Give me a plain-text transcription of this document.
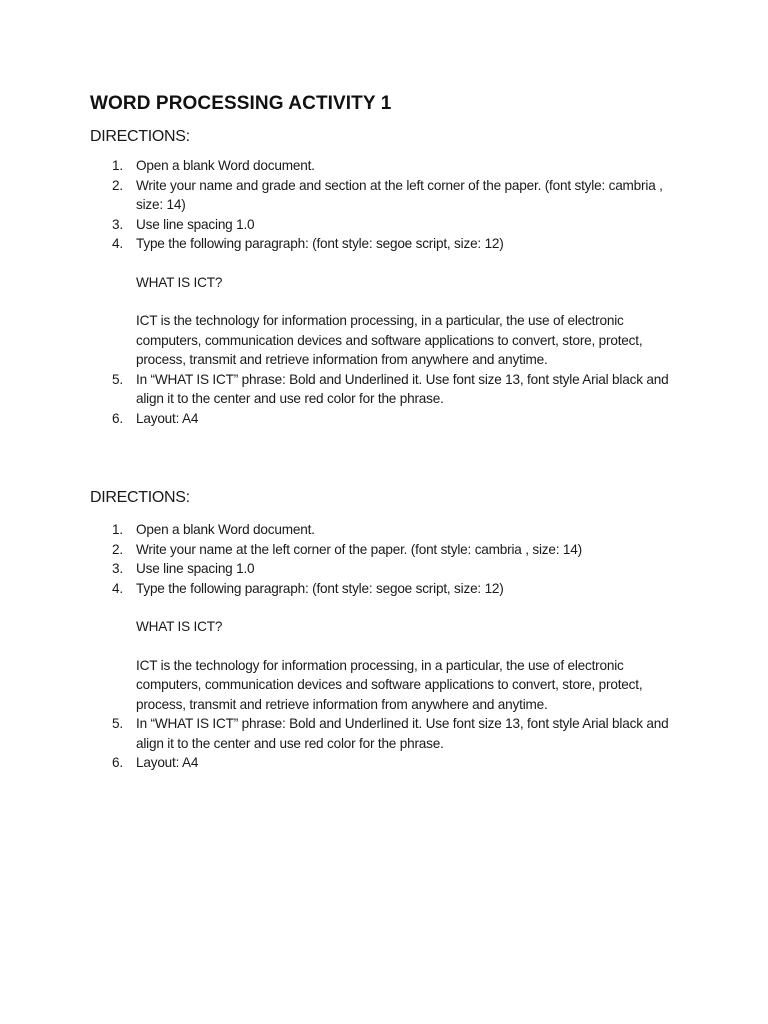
WORD PROCESSING ACTIVITY 1
DIRECTIONS:
1. Open a blank Word document.
2. Write your name and grade and section at the left corner of the paper. (font style: cambria , size: 14)
3. Use line spacing 1.0
4. Type the following paragraph: (font style: segoe script, size: 12)
WHAT IS ICT?
ICT is the technology for information processing, in a particular, the use of electronic computers, communication devices and software applications to convert, store, protect, process, transmit and retrieve information from anywhere and anytime.
5. In “WHAT IS ICT” phrase: Bold and Underlined it. Use font size 13, font style Arial black and align it to the center and use red color for the phrase.
6. Layout: A4
DIRECTIONS:
1. Open a blank Word document.
2. Write your name at the left corner of the paper. (font style: cambria , size: 14)
3. Use line spacing 1.0
4. Type the following paragraph: (font style: segoe script, size: 12)
WHAT IS ICT?
ICT is the technology for information processing, in a particular, the use of electronic computers, communication devices and software applications to convert, store, protect, process, transmit and retrieve information from anywhere and anytime.
5. In “WHAT IS ICT” phrase: Bold and Underlined it. Use font size 13, font style Arial black and align it to the center and use red color for the phrase.
6. Layout: A4
